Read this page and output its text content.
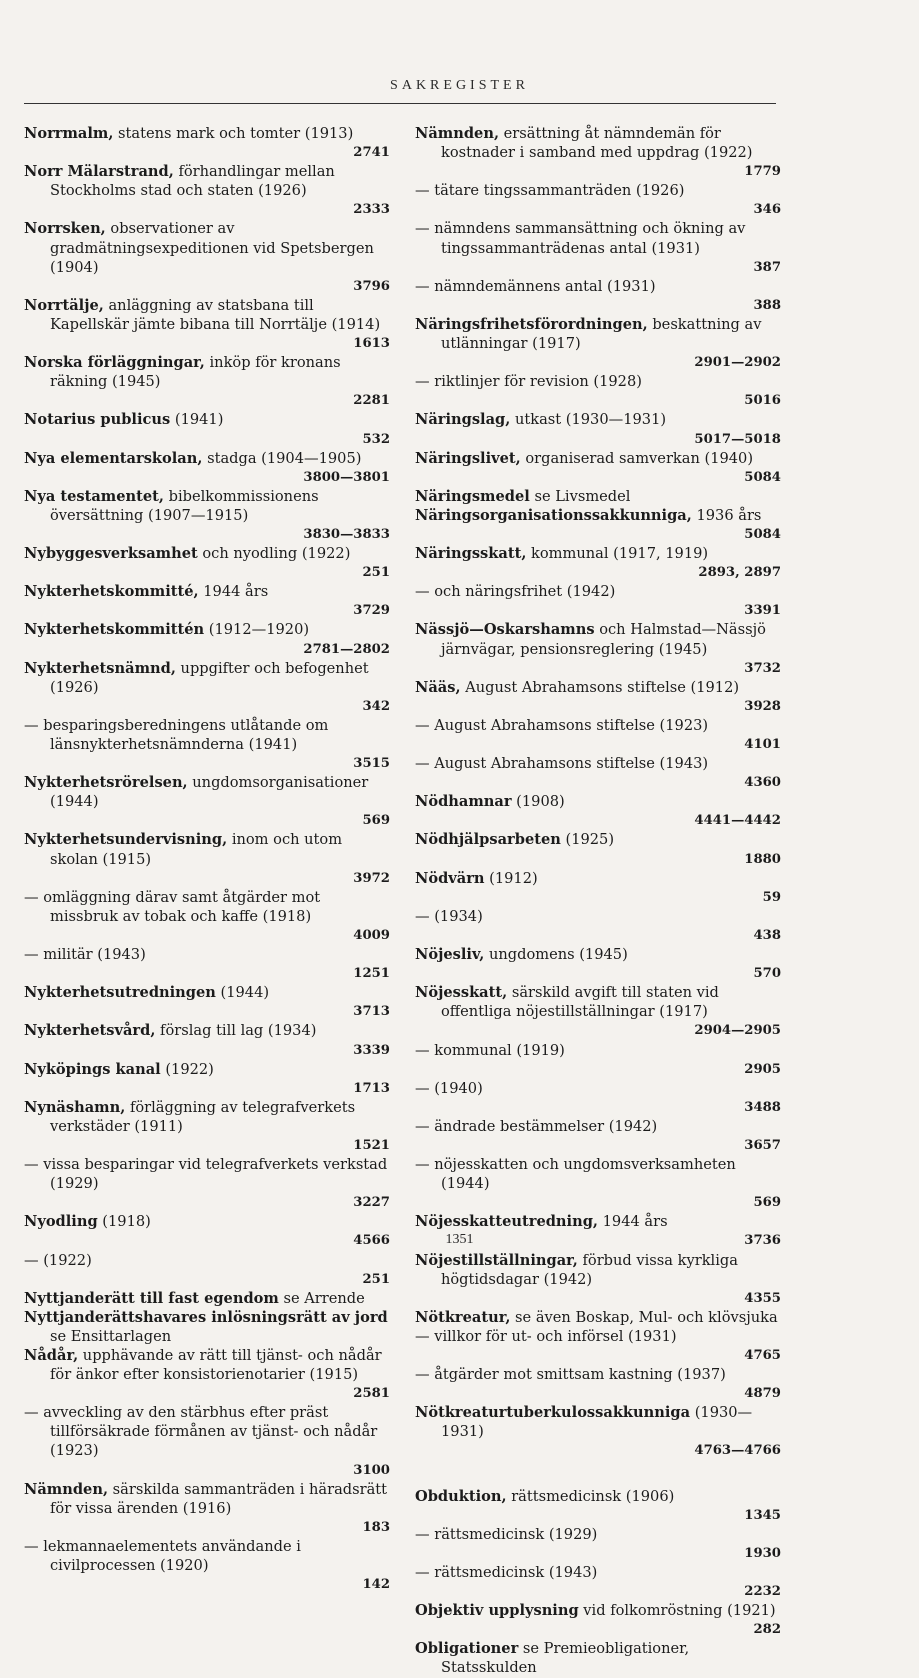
SAKREGISTER

Norrmalm, statens mark och tomter (1913)
2741

Norr Mälarstrand, förhandlingar mellan Stockholms stad och staten (1926)
2333

Norrsken, observationer av gradmätningsexpeditionen vid Spetsbergen (1904)
3796

Norrtälje, anläggning av statsbana till Kapellskär jämte bibana till Norrtälje (1914)
1613

Norska förläggningar, inköp för kronans räkning (1945)
2281

Notarius publicus (1941)
532

Nya elementarskolan, stadga (1904—1905)
3800—3801

Nya testamentet, bibelkommissionens översättning (1907—1915)
3830—3833

Nybyggesverksamhet och nyodling (1922)
251

Nykterhetskommitté, 1944 års
3729

Nykterhetskommittén (1912—1920)
2781—2802

Nykterhetsnämnd, uppgifter och befogenhet (1926)
342

— besparingsberedningens utlåtande om länsnykterhetsnämnderna (1941)
3515

Nykterhetsrörelsen, ungdomsorganisationer (1944)
569

Nykterhetsundervisning, inom och utom skolan (1915)
3972

— omläggning därav samt åtgärder mot missbruk av tobak och kaffe (1918)
4009

— militär (1943)
1251

Nykterhetsutredningen (1944)
3713

Nykterhetsvård, förslag till lag (1934)
3339

Nyköpings kanal (1922)
1713

Nynäshamn, förläggning av telegrafverkets verkstäder (1911)
1521

— vissa besparingar vid telegrafverkets verkstad (1929)
3227

Nyodling (1918)
4566

— (1922)
251

Nyttjanderätt till fast egendom se Arrende

Nyttjanderättshavares inlösningsrätt av jord se Ensittarlagen

Nådår, upphävande av rätt till tjänst- och nådår för änkor efter konsistorienotarier (1915)
2581

— avveckling av den stärbhus efter präst tillförsäkrade förmånen av tjänst- och nådår (1923)
3100

Nämnden, särskilda sammanträden i häradsrätt för vissa ärenden (1916)
183

— lekmannaelementets användande i civilprocessen (1920)
142

Nämnden, ersättning åt nämndemän för kostnader i samband med uppdrag (1922)
1779

— tätare tingssammanträden (1926)
346

— nämndens sammansättning och ökning av tingssammanträdenas antal (1931)
387

— nämndemännens antal (1931)
388

Näringsfrihetsförordningen, beskattning av utlänningar (1917)
2901—2902

— riktlinjer för revision (1928)
5016

Näringslag, utkast (1930—1931)
5017—5018

Näringslivet, organiserad samverkan (1940)
5084

Näringsmedel se Livsmedel

Näringsorganisationssakkunniga, 1936 års
5084

Näringsskatt, kommunal (1917, 1919)
2893, 2897

— och näringsfrihet (1942)
3391

Nässjö—Oskarshamns och Halmstad—Nässjö järnvägar, pensionsreglering (1945)
3732

Nääs, August Abrahamsons stiftelse (1912)
3928

— August Abrahamsons stiftelse (1923)
4101

— August Abrahamsons stiftelse (1943)
4360

Nödhamnar (1908)
4441—4442

Nödhjälpsarbeten (1925)
1880

Nödvärn (1912)
59

— (1934)
438

Nöjesliv, ungdomens (1945)
570

Nöjesskatt, särskild avgift till staten vid offentliga nöjestillställningar (1917)
2904—2905

— kommunal (1919)
2905

— (1940)
3488

— ändrade bestämmelser (1942)
3657

— nöjesskatten och ungdomsverksamheten (1944)
569

Nöjesskatteutredning, 1944 års
3736

Nöjestillställningar, förbud vissa kyrkliga högtidsdagar (1942)
4355

Nötkreatur, se även Boskap, Mul- och klövsjuka

— villkor för ut- och införsel (1931)
4765

— åtgärder mot smittsam kastning (1937)
4879

Nötkreaturtuberkulossakkunniga (1930—1931)
4763—4766

Obduktion, rättsmedicinsk (1906)
1345

— rättsmedicinsk (1929)
1930

— rättsmedicinsk (1943)
2232

Objektiv upplysning vid folkomröstning (1921)
282

Obligationer se Premieobligationer, Statsskulden

1351
